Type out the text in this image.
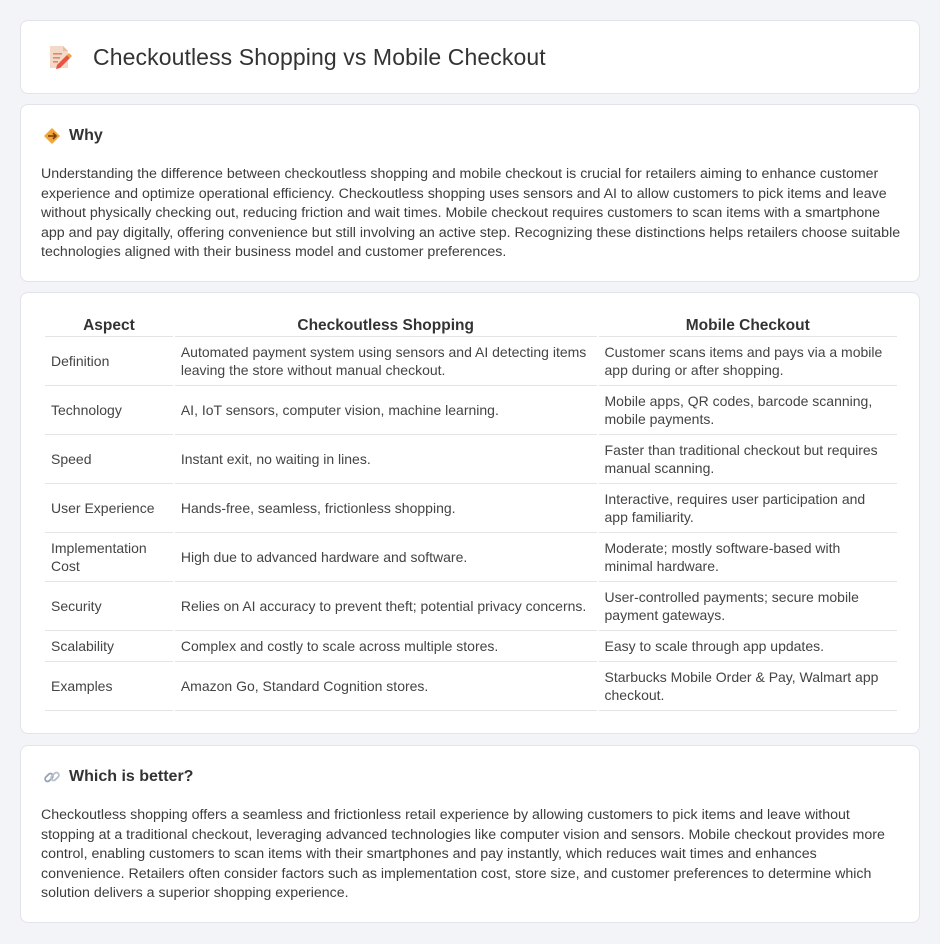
Checkoutless Shopping vs Mobile Checkout
Why

Understanding the difference between checkoutless shopping and mobile checkout is crucial for retailers aiming to enhance customer experience and optimize operational efficiency. Checkoutless shopping uses sensors and AI to allow customers to pick items and leave without physically checking out, reducing friction and wait times. Mobile checkout requires customers to scan items with a smartphone app and pay digitally, offering convenience but still involving an active step. Recognizing these distinctions helps retailers choose suitable technologies aligned with their business model and customer preferences.

Aspect	Checkoutless Shopping	Mobile Checkout
Definition	Automated payment system using sensors and AI detecting items leaving the store without manual checkout.	Customer scans items and pays via a mobile app during or after shopping.
Technology	AI, IoT sensors, computer vision, machine learning.	Mobile apps, QR codes, barcode scanning, mobile payments.
Speed	Instant exit, no waiting in lines.	Faster than traditional checkout but requires manual scanning.
User Experience	Hands-free, seamless, frictionless shopping.	Interactive, requires user participation and app familiarity.
Implementation Cost	High due to advanced hardware and software.	Moderate; mostly software-based with minimal hardware.
Security	Relies on AI accuracy to prevent theft; potential privacy concerns.	User-controlled payments; secure mobile payment gateways.
Scalability	Complex and costly to scale across multiple stores.	Easy to scale through app updates.
Examples	Amazon Go, Standard Cognition stores.	Starbucks Mobile Order & Pay, Walmart app checkout.
Which is better?

Checkoutless shopping offers a seamless and frictionless retail experience by allowing customers to pick items and leave without stopping at a traditional checkout, leveraging advanced technologies like computer vision and sensors. Mobile checkout provides more control, enabling customers to scan items with their smartphones and pay instantly, which reduces wait times and enhances convenience. Retailers often consider factors such as implementation cost, store size, and customer preferences to determine which solution delivers a superior shopping experience.
